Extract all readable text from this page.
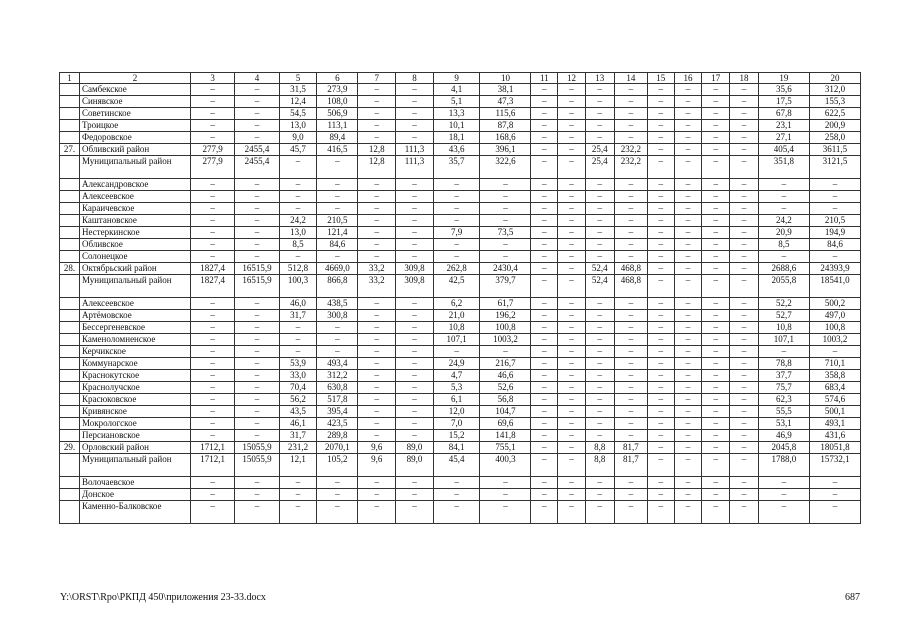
1	2	3	4	5	6	7	8	9	10	11	12	13	14	15	16	17	18	19	20
	Самбекское	–	–	31,5	273,9	–	–	4,1	38,1	–	–	–	–	–	–	–	–	35,6	312,0
	Синявское	–	–	12,4	108,0	–	–	5,1	47,3	–	–	–	–	–	–	–	–	17,5	155,3
	Советинское	–	–	54,5	506,9	–	–	13,3	115,6	–	–	–	–	–	–	–	–	67,8	622,5
	Троицкое	–	–	13,0	113,1	–	–	10,1	87,8	–	–	–	–	–	–	–	–	23,1	200,9
	Федоровское	–	–	9,0	89,4	–	–	18,1	168,6	–	–	–	–	–	–	–	–	27,1	258,0
27.	Обливский район	277,9	2455,4	45,7	416,5	12,8	111,3	43,6	396,1	–	–	25,4	232,2	–	–	–	–	405,4	3611,5
	Муниципальный район	277,9	2455,4	–	–	12,8	111,3	35,7	322,6	–	–	25,4	232,2	–	–	–	–	351,8	3121,5
	Александровское	–	–	–	–	–	–	–	–	–	–	–	–	–	–	–	–	–	–
	Алексеевское	–	–	–	–	–	–	–	–	–	–	–	–	–	–	–	–	–	–
	Караичевское	–	–	–	–	–	–	–	–	–	–	–	–	–	–	–	–	–	–
	Каштановское	–	–	24,2	210,5	–	–	–	–	–	–	–	–	–	–	–	–	24,2	210,5
	Нестеркинское	–	–	13,0	121,4	–	–	7,9	73,5	–	–	–	–	–	–	–	–	20,9	194,9
	Обливское	–	–	8,5	84,6	–	–	–	–	–	–	–	–	–	–	–	–	8,5	84,6
	Солонецкое	–	–	–	–	–	–	–	–	–	–	–	–	–	–	–	–	–	–
28.	Октябрьский район	1827,4	16515,9	512,8	4669,0	33,2	309,8	262,8	2430,4	–	–	52,4	468,8	–	–	–	–	2688,6	24393,9
	Муниципальный район	1827,4	16515,9	100,3	866,8	33,2	309,8	42,5	379,7	–	–	52,4	468,8	–	–	–	–	2055,8	18541,0
	Алексеевское	–	–	46,0	438,5	–	–	6,2	61,7	–	–	–	–	–	–	–	–	52,2	500,2
	Артёмовское	–	–	31,7	300,8	–	–	21,0	196,2	–	–	–	–	–	–	–	–	52,7	497,0
	Бессергеневское	–	–	–	–	–	–	10,8	100,8	–	–	–	–	–	–	–	–	10,8	100,8
	Каменоломненское	–	–	–	–	–	–	107,1	1003,2	–	–	–	–	–	–	–	–	107,1	1003,2
	Керчикское	–	–	–	–	–	–	–	–	–	–	–	–	–	–	–	–	–	–
	Коммунарское	–	–	53,9	493,4	–	–	24,9	216,7	–	–	–	–	–	–	–	–	78,8	710,1
	Краснокутское	–	–	33,0	312,2	–	–	4,7	46,6	–	–	–	–	–	–	–	–	37,7	358,8
	Краснолучское	–	–	70,4	630,8	–	–	5,3	52,6	–	–	–	–	–	–	–	–	75,7	683,4
	Красюковское	–	–	56,2	517,8	–	–	6,1	56,8	–	–	–	–	–	–	–	–	62,3	574,6
	Кривянское	–	–	43,5	395,4	–	–	12,0	104,7	–	–	–	–	–	–	–	–	55,5	500,1
	Мокрологское	–	–	46,1	423,5	–	–	7,0	69,6	–	–	–	–	–	–	–	–	53,1	493,1
	Персиановское	–	–	31,7	289,8	–	–	15,2	141,8	–	–	–	–	–	–	–	–	46,9	431,6
29.	Орловский район	1712,1	15055,9	231,2	2070,1	9,6	89,0	84,1	755,1	–	–	8,8	81,7	–	–	–	–	2045,8	18051,8
	Муниципальный район	1712,1	15055,9	12,1	105,2	9,6	89,0	45,4	400,3	–	–	8,8	81,7	–	–	–	–	1788,0	15732,1
	Волочаевское	–	–	–	–	–	–	–	–	–	–	–	–	–	–	–	–	–	–
	Донское	–	–	–	–	–	–	–	–	–	–	–	–	–	–	–	–	–	–
	Каменно-Балковское	–	–	–	–	–	–	–	–	–	–	–	–	–	–	–	–	–	–
Y:\ORST\Rpo\РКПД 450\приложения 23-33.docx	687
